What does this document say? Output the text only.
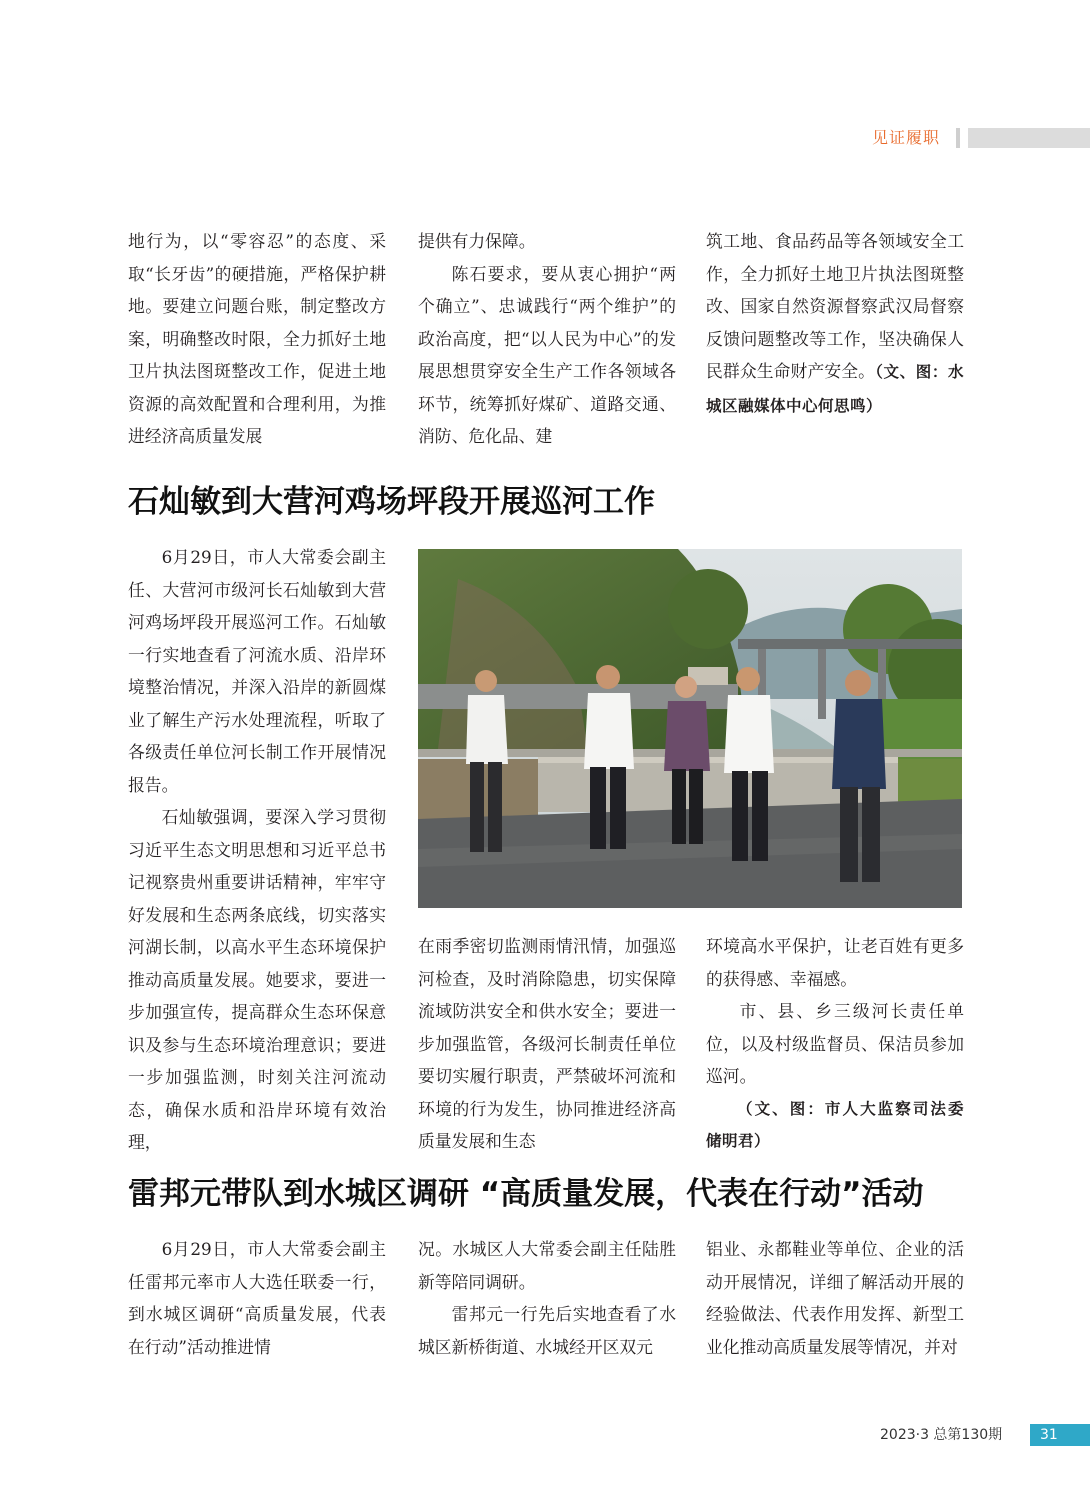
见证履职

地行为，以“零容忍”的态度、采取“长牙齿”的硬措施，严格保护耕地。要建立问题台账，制定整改方案，明确整改时限，全力抓好土地卫片执法图斑整改工作，促进土地资源的高效配置和合理利用，为推进经济高质量发展

提供有力保障。

陈石要求，要从衷心拥护“两个确立”、忠诚践行“两个维护”的政治高度，把“以人民为中心”的发展思想贯穿安全生产工作各领域各环节，统筹抓好煤矿、道路交通、消防、危化品、建

筑工地、食品药品等各领域安全工作，全力抓好土地卫片执法图斑整改、国家自然资源督察武汉局督察反馈问题整改等工作，坚决确保人民群众生命财产安全。（文、图：水城区融媒体中心何思鸣）

石灿敏到大营河鸡场坪段开展巡河工作

6月29日，市人大常委会副主任、大营河市级河长石灿敏到大营河鸡场坪段开展巡河工作。石灿敏一行实地查看了河流水质、沿岸环境整治情况，并深入沿岸的新圆煤业了解生产污水处理流程，听取了各级责任单位河长制工作开展情况报告。

石灿敏强调，要深入学习贯彻习近平生态文明思想和习近平总书记视察贵州重要讲话精神，牢牢守好发展和生态两条底线，切实落实河湖长制，以高水平生态环境保护推动高质量发展。她要求，要进一步加强宣传，提高群众生态环保意识及参与生态环境治理意识；要进一步加强监测，时刻关注河流动态，确保水质和沿岸环境有效治理，

在雨季密切监测雨情汛情，加强巡河检查，及时消除隐患，切实保障流域防洪安全和供水安全；要进一步加强监管，各级河长制责任单位要切实履行职责，严禁破坏河流和环境的行为发生，协同推进经济高质量发展和生态

环境高水平保护，让老百姓有更多的获得感、幸福感。

市、县、乡三级河长责任单位，以及村级监督员、保洁员参加巡河。

（文、图：市人大监察司法委 储明君）

雷邦元带队到水城区调研 “高质量发展，代表在行动”活动

6月29日，市人大常委会副主任雷邦元率市人大选任联委一行，到水城区调研“高质量发展，代表在行动”活动推进情

况。水城区人大常委会副主任陆胜新等陪同调研。

雷邦元一行先后实地查看了水城区新桥街道、水城经开区双元

铝业、永都鞋业等单位、企业的活动开展情况，详细了解活动开展的经验做法、代表作用发挥、新型工业化推动高质量发展等情况，并对

2023·3 总第130期	31
